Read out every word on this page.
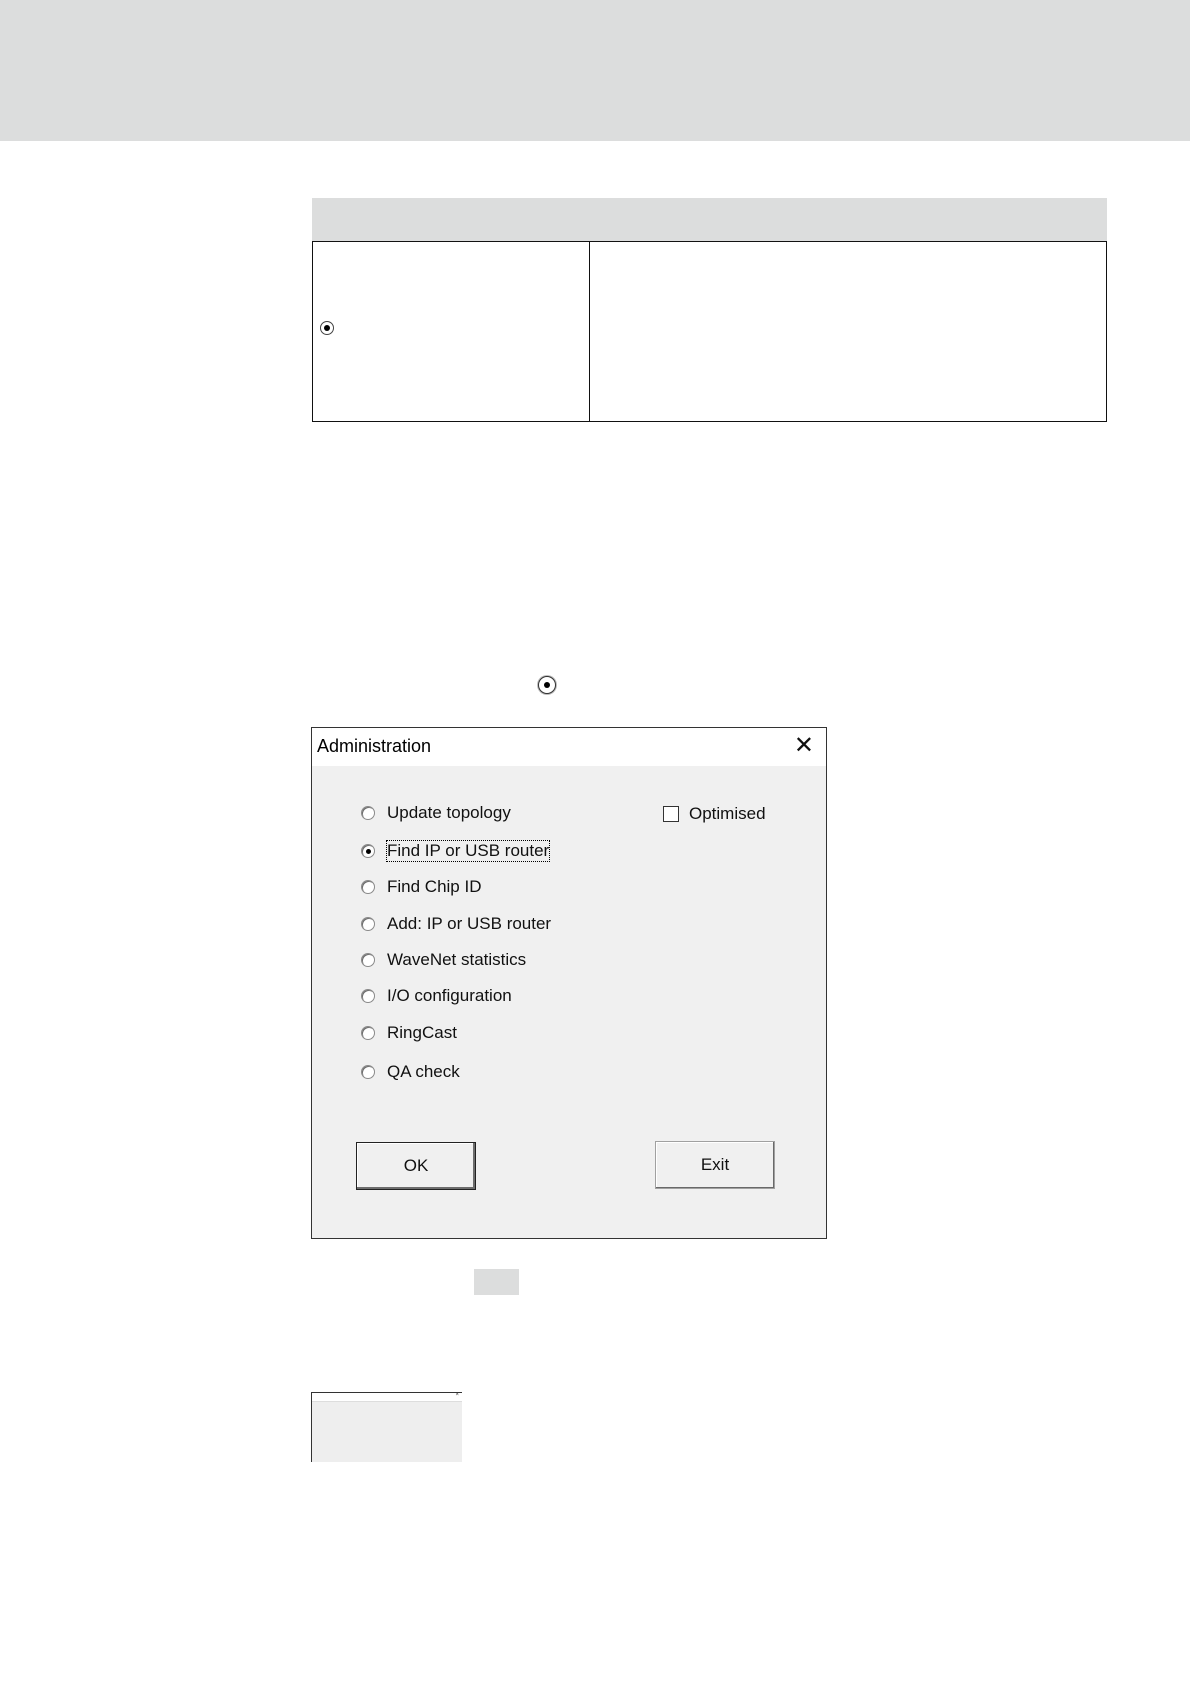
Administration	✕
Update topology
Find IP or USB router
Find Chip ID
Add: IP or USB router
WaveNet statistics
I/O configuration
RingCast
QA check
Optimised
OK	Exit
×
